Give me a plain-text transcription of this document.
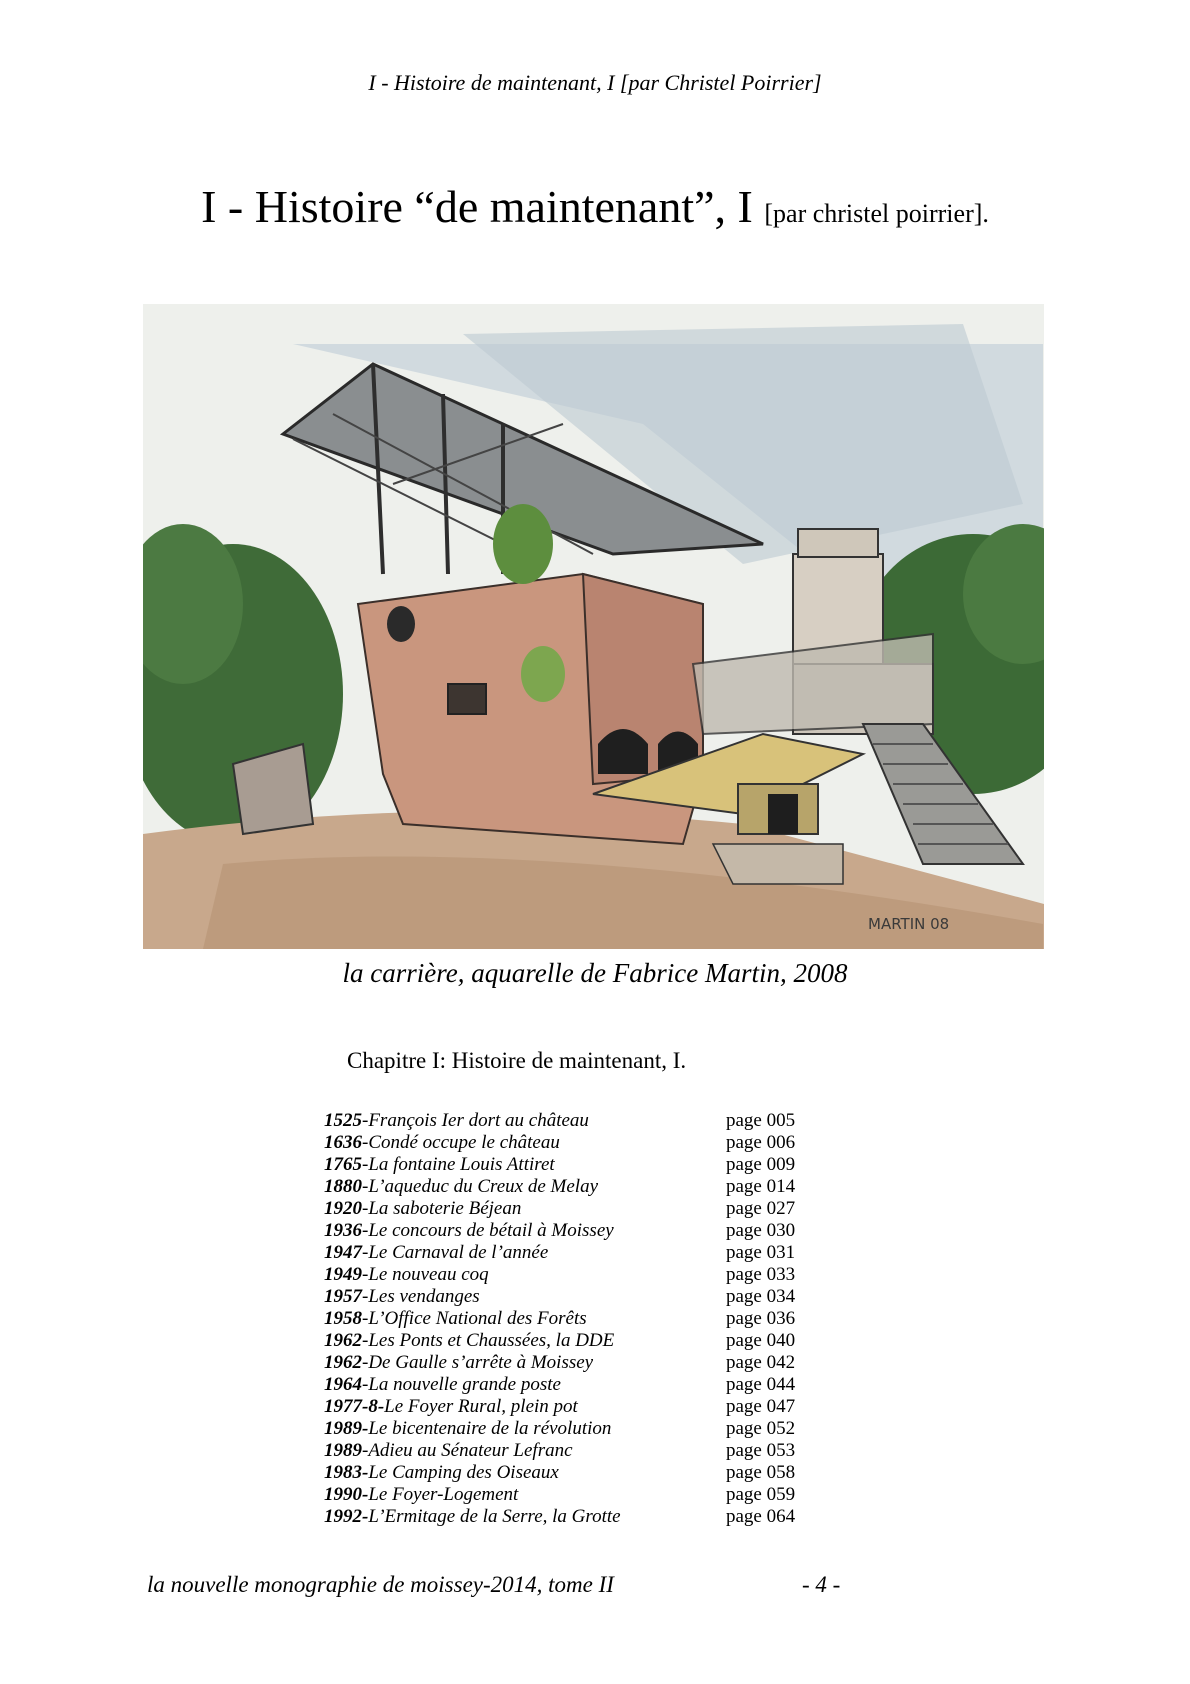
I - Histoire de maintenant, I [par Christel Poirrier]
I - Histoire “de maintenant”, I [par christel poirrier].
MARTIN 08
la carrière, aquarelle de Fabrice Martin, 2008
Chapitre I: Histoire de maintenant, I.
1525-François Ier dort au château	page 005
1636-Condé occupe le château	page 006
1765-La fontaine Louis Attiret	page 009
1880-L’aqueduc du Creux de Melay	page 014
1920-La saboterie Béjean	page 027
1936-Le concours de bétail à Moissey	page 030
1947-Le Carnaval de l’année	page 031
1949-Le nouveau coq	page 033
1957-Les vendanges	page 034
1958-L’Office National des Forêts	page 036
1962-Les Ponts et Chaussées, la DDE	page 040
1962-De Gaulle s’arrête à Moissey	page 042
1964-La nouvelle grande poste	page 044
1977-8-Le Foyer Rural, plein pot	page 047
1989-Le bicentenaire de la révolution	page 052
1989-Adieu au Sénateur Lefranc	page 053
1983-Le Camping des Oiseaux	page 058
1990-Le Foyer-Logement	page 059
1992-L’Ermitage de la Serre, la Grotte	page 064
la nouvelle monographie de moissey-2014, tome II	- 4 -
